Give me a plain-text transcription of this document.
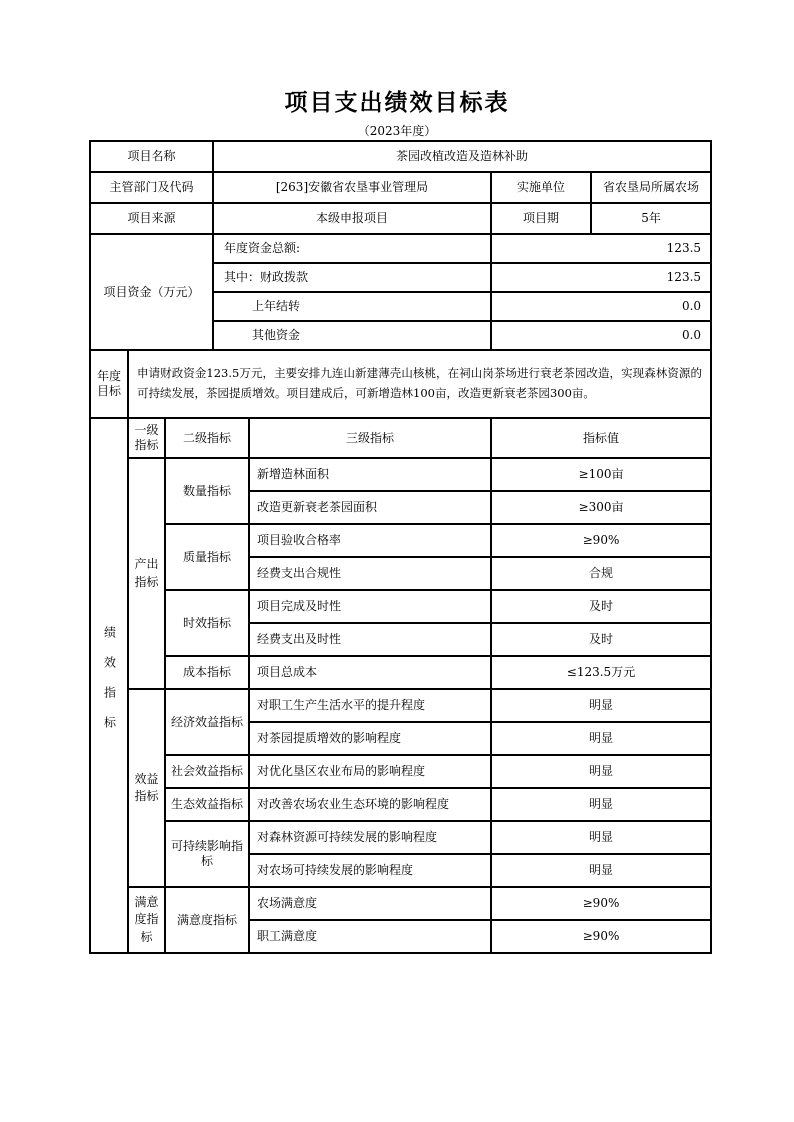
项目支出绩效目标表
（2023年度）
项目名称	茶园改植改造及造林补助		
主管部门及代码	[263]安徽省农垦事业管理局	实施单位	省农垦局所属农场
项目来源	本级申报项目	项目期	5年
项目资金（万元）	年度资金总额:	123.5	
	其中：财政拨款	123.5	
	上年结转	0.0	
	其他资金	0.0	
年度目标	申请财政资金123.5万元，主要安排九连山新建薄壳山核桃，在祠山岗茶场进行衰老茶园改造，实现森林资源的可持续发展，茶园提质增效。项目建成后，可新增造林100亩，改造更新衰老茶园300亩。
绩效指标	一级指标	二级指标	三级指标	指标值
	产出指标	数量指标	新增造林面积	≥100亩
			改造更新衰老茶园面积	≥300亩
		质量指标	项目验收合格率	≥90%
			经费支出合规性	合规
		时效指标	项目完成及时性	及时
			经费支出及时性	及时
		成本指标	项目总成本	≤123.5万元
	效益指标	经济效益指标	对职工生产生活水平的提升程度	明显
			对茶园提质增效的影响程度	明显
		社会效益指标	对优化垦区农业布局的影响程度	明显
		生态效益指标	对改善农场农业生态环境的影响程度	明显
		可持续影响指标	对森林资源可持续发展的影响程度	明显
			对农场可持续发展的影响程度	明显
	满意度指标	满意度指标	农场满意度	≥90%
			职工满意度	≥90%
